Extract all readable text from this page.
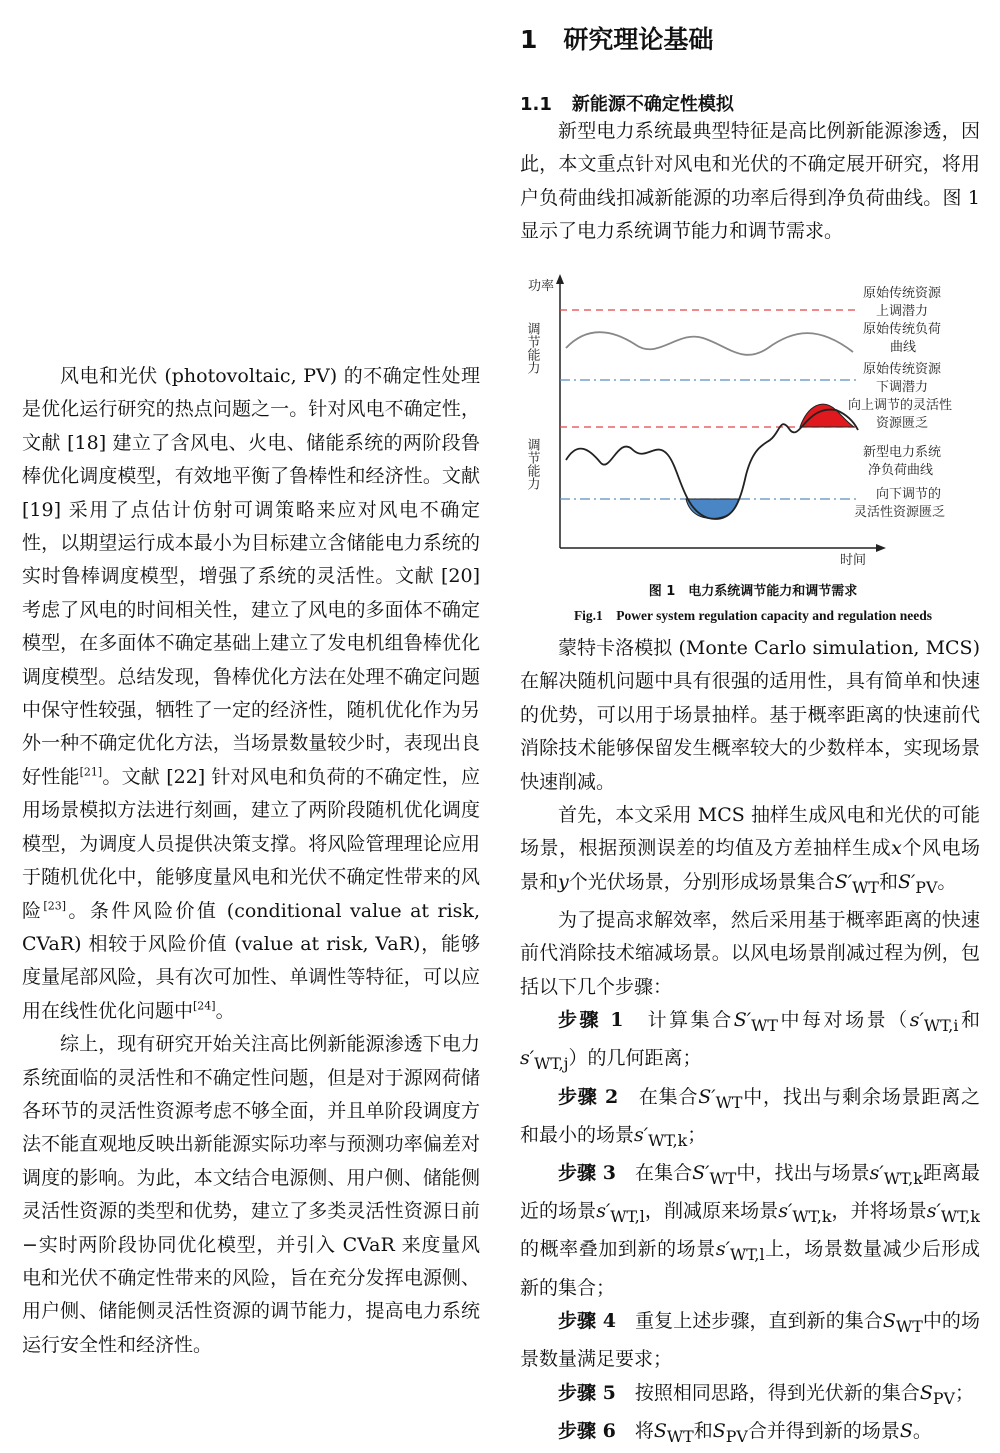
风电和光伏 (photovoltaic, PV) 的不确定性处理是优化运行研究的热点问题之一。针对风电不确定性，文献 [18] 建立了含风电、火电、储能系统的两阶段鲁棒优化调度模型，有效地平衡了鲁棒性和经济性。文献 [19] 采用了点估计仿射可调策略来应对风电不确定性，以期望运行成本最小为目标建立含储能电力系统的实时鲁棒调度模型，增强了系统的灵活性。文献 [20] 考虑了风电的时间相关性，建立了风电的多面体不确定模型，在多面体不确定基础上建立了发电机组鲁棒优化调度模型。总结发现，鲁棒优化方法在处理不确定问题中保守性较强，牺牲了一定的经济性，随机优化作为另外一种不确定优化方法，当场景数量较少时，表现出良好性能[21]。文献 [22] 针对风电和负荷的不确定性，应用场景模拟方法进行刻画，建立了两阶段随机优化调度模型，为调度人员提供决策支撑。将风险管理理论应用于随机优化中，能够度量风电和光伏不确定性带来的风险[23]。条件风险价值 (conditional value at risk, CVaR) 相较于风险价值 (value at risk, VaR)，能够度量尾部风险，具有次可加性、单调性等特征，可以应用在线性优化问题中[24]。

综上，现有研究开始关注高比例新能源渗透下电力系统面临的灵活性和不确定性问题，但是对于源网荷储各环节的灵活性资源考虑不够全面，并且单阶段调度方法不能直观地反映出新能源实际功率与预测功率偏差对调度的影响。为此，本文结合电源侧、用户侧、储能侧灵活性资源的类型和优势，建立了多类灵活性资源日前−实时两阶段协同优化模型，并引入 CVaR 来度量风电和光伏不确定性带来的风险，旨在充分发挥电源侧、用户侧、储能侧灵活性资源的调节能力，提高电力系统运行安全性和经济性。

1 研究理论基础
1.1 新能源不确定性模拟

新型电力系统最典型特征是高比例新能源渗透，因此，本文重点针对风电和光伏的不确定展开研究，将用户负荷曲线扣减新能源的功率后得到净负荷曲线。图 1 显示了电力系统调节能力和调节需求。

功率
时间
调节能力
调节能力
原始传统资源
上调潜力
原始传统负荷
曲线
原始传统资源
下调潜力
向上调节的灵活性
资源匮乏
新型电力系统
净负荷曲线
向下调节的
灵活性资源匮乏
图 1　电力系统调节能力和调节需求
Fig.1　Power system regulation capacity and regulation needs

蒙特卡洛模拟 (Monte Carlo simulation, MCS) 在解决随机问题中具有很强的适用性，具有简单和快速的优势，可以用于场景抽样。基于概率距离的快速前代消除技术能够保留发生概率较大的少数样本，实现场景快速削减。

首先，本文采用 MCS 抽样生成风电和光伏的可能场景，根据预测误差的均值及方差抽样生成x个风电场景和y个光伏场景，分别形成场景集合$S'_{WT}$和$S'_{PV}$。

为了提高求解效率，然后采用基于概率距离的快速前代消除技术缩减场景。以风电场景削减过程为例，包括以下几个步骤：

步骤 1　 计算集合$S'_{WT}$中每对场景（$s'_{WT,i}$和$s'_{WT,j}$）的几何距离；

步骤 2　 在集合$S'_{WT}$中，找出与剩余场景距离之和最小的场景$s'_{WT,k}$；

步骤 3　 在集合$S'_{WT}$中，找出与场景$s'_{WT,k}$距离最近的场景$s'_{WT,l}$，削减原来场景$s'_{WT,k}$，并将场景$s'_{WT,k}$的概率叠加到新的场景$s'_{WT,l}$上，场景数量减少后形成新的集合；

步骤 4　 重复上述步骤，直到新的集合$S_{WT}$中的场景数量满足要求；

步骤 5　 按照相同思路，得到光伏新的集合$S_{PV}$；

步骤 6　 将$S_{WT}$和$S_{PV}$合并得到新的场景S。
